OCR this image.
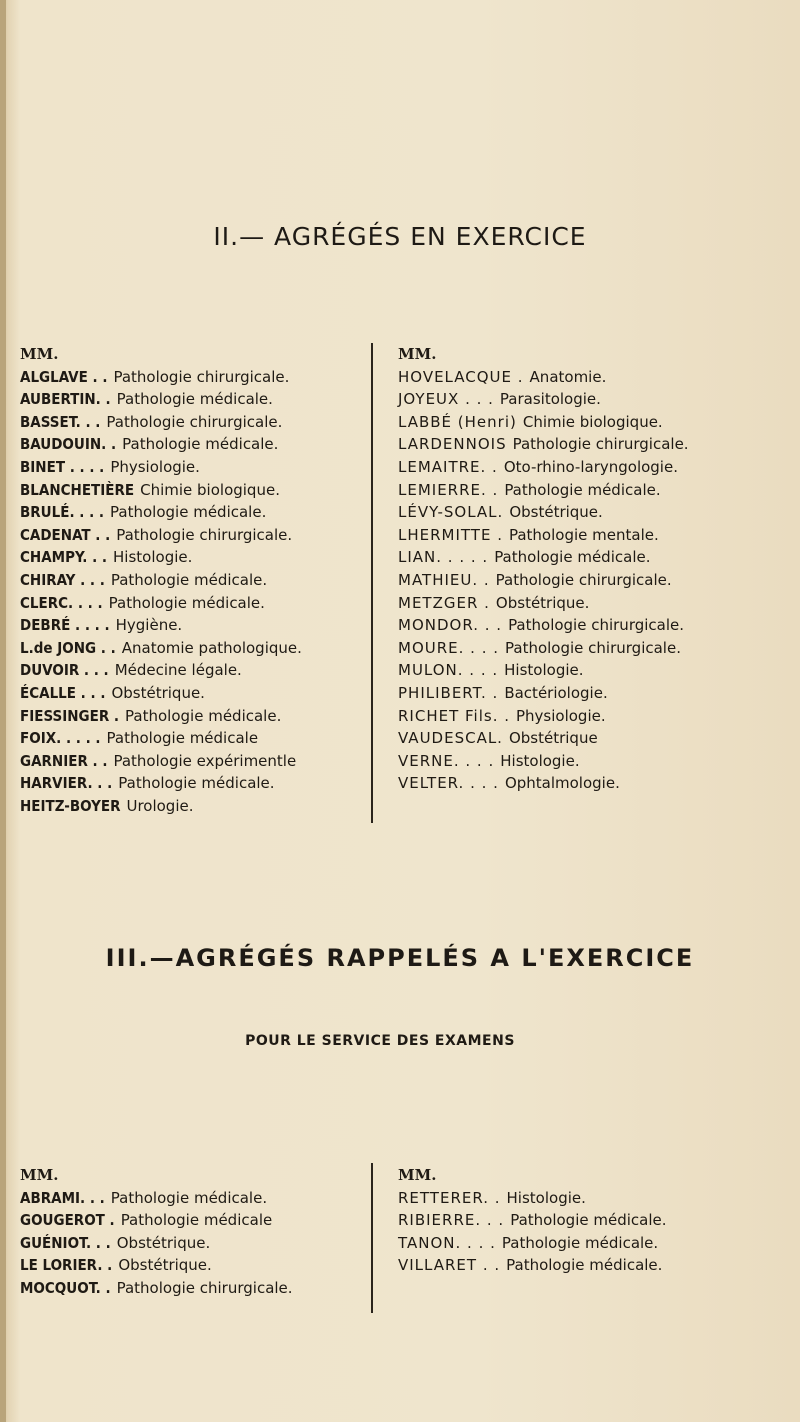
II.— AGRÉGÉS EN EXERCICE
MM.
ALGLAVE . . Pathologie chirurgicale.
AUBERTIN. . Pathologie médicale.
BASSET. . . Pathologie chirurgicale.
BAUDOUIN. . Pathologie médicale.
BINET . . . . Physiologie.
BLANCHETIÈRE Chimie biologique.
BRULÉ. . . . Pathologie médicale.
CADENAT . . Pathologie chirurgicale.
CHAMPY. . . Histologie.
CHIRAY . . . Pathologie médicale.
CLERC. . . . Pathologie médicale.
DEBRÉ . . . . Hygiène.
L.de JONG . . Anatomie pathologique.
DUVOIR . . . Médecine légale.
ÉCALLE . . . Obstétrique.
FIESSINGER . Pathologie médicale.
FOIX. . . . . Pathologie médicale
GARNIER . . Pathologie expérimentle
HARVIER. . . Pathologie médicale.
HEITZ-BOYER Urologie.
MM.
HOVELACQUE . Anatomie.
JOYEUX . . . Parasitologie.
LABBÉ (Henri) Chimie biologique.
LARDENNOIS Pathologie chirurgicale.
LEMAITRE. . Oto-rhino-laryngologie.
LEMIERRE. . Pathologie médicale.
LÉVY-SOLAL. Obstétrique.
LHERMITTE . Pathologie mentale.
LIAN. . . . . Pathologie médicale.
MATHIEU. . Pathologie chirurgicale.
METZGER . Obstétrique.
MONDOR. . . Pathologie chirurgicale.
MOURE. . . . Pathologie chirurgicale.
MULON. . . . Histologie.
PHILIBERT. . Bactériologie.
RICHET Fils. . Physiologie.
VAUDESCAL. Obstétrique
VERNE. . . . Histologie.
VELTER. . . . Ophtalmologie.
III.—AGRÉGÉS RAPPELÉS A L'EXERCICE
POUR LE SERVICE DES EXAMENS
MM.
ABRAMI. . . Pathologie médicale.
GOUGEROT . Pathologie médicale
GUÉNIOT. . . Obstétrique.
LE LORIER. . Obstétrique.
MOCQUOT. . Pathologie chirurgicale.
MM.
RETTERER. . Histologie.
RIBIERRE. . . Pathologie médicale.
TANON. . . . Pathologie médicale.
VILLARET . . Pathologie médicale.
